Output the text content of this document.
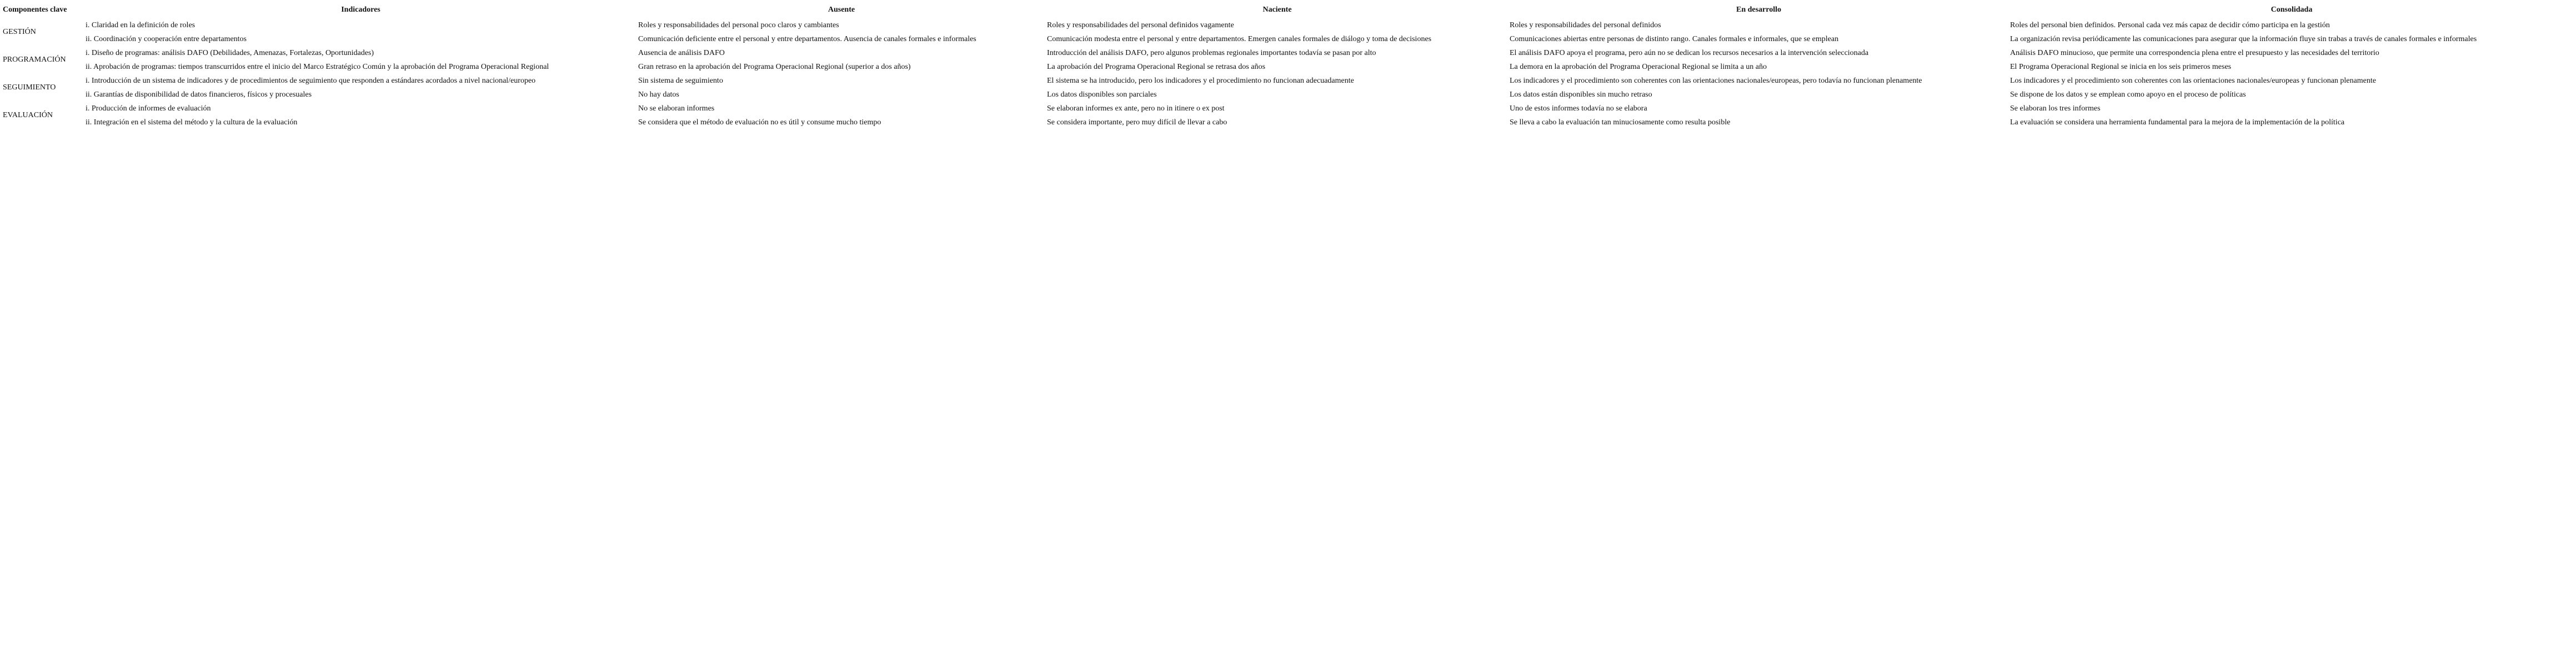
Componentes clave	Indicadores	Ausente	Naciente	En desarrollo	Consolidada
GESTIÓN	i. Claridad en la definición de roles	Roles y responsabilidades del personal poco claros y cambiantes	Roles y responsabilidades del personal definidos vagamente	Roles y responsabilidades del personal definidos	Roles del personal bien definidos. Personal cada vez más capaz de decidir cómo participa en la gestión
	ii. Coordinación y cooperación entre departamentos	Comunicación deficiente entre el personal y entre departamentos. Ausencia de canales formales e informales	Comunicación modesta entre el personal y entre departamentos. Emergen canales formales de diálogo y toma de decisiones	Comunicaciones abiertas entre personas de distinto rango. Canales formales e informales, que se emplean	La organización revisa periódicamente las comunicaciones para asegurar que la información fluye sin trabas a través de canales formales e informales
PROGRAMACIÓN	i. Diseño de programas: análisis DAFO (Debilidades, Amenazas, Fortalezas, Oportunidades)	Ausencia de análisis DAFO	Introducción del análisis DAFO, pero algunos problemas regionales importantes todavía se pasan por alto	El análisis DAFO apoya el programa, pero aún no se dedican los recursos necesarios a la intervención seleccionada	Análisis DAFO minucioso, que permite una correspondencia plena entre el presupuesto y las necesidades del territorio
	ii. Aprobación de programas: tiempos transcurridos entre el inicio del Marco Estratégico Común y la aprobación del Programa Operacional Regional	Gran retraso en la aprobación del Programa Operacional Regional (superior a dos años)	La aprobación del Programa Operacional Regional se retrasa dos años	La demora en la aprobación del Programa Operacional Regional se limita a un año	El Programa Operacional Regional se inicia en los seis primeros meses
SEGUIMIENTO	i. Introducción de un sistema de indicadores y de procedimientos de seguimiento que responden a estándares acordados a nivel nacional/europeo	Sin sistema de seguimiento	El sistema se ha introducido, pero los indicadores y el procedimiento no funcionan adecuadamente	Los indicadores y el procedimiento son coherentes con las orientaciones nacionales/europeas, pero todavía no funcionan plenamente	Los indicadores y el procedimiento son coherentes con las orientaciones nacionales/europeas y funcionan plenamente
	ii. Garantías de disponibilidad de datos financieros, físicos y procesuales	No hay datos	Los datos disponibles son parciales	Los datos están disponibles sin mucho retraso	Se dispone de los datos y se emplean como apoyo en el proceso de políticas
EVALUACIÓN	i. Producción de informes de evaluación	No se elaboran informes	Se elaboran informes ex ante, pero no in itinere o ex post	Uno de estos informes todavía no se elabora	Se elaboran los tres informes
	ii. Integración en el sistema del método y la cultura de la evaluación	Se considera que el método de evaluación no es útil y consume mucho tiempo	Se considera importante, pero muy difícil de llevar a cabo	Se lleva a cabo la evaluación tan minuciosamente como resulta posible	La evaluación se considera una herramienta fundamental para la mejora de la implementación de la política
